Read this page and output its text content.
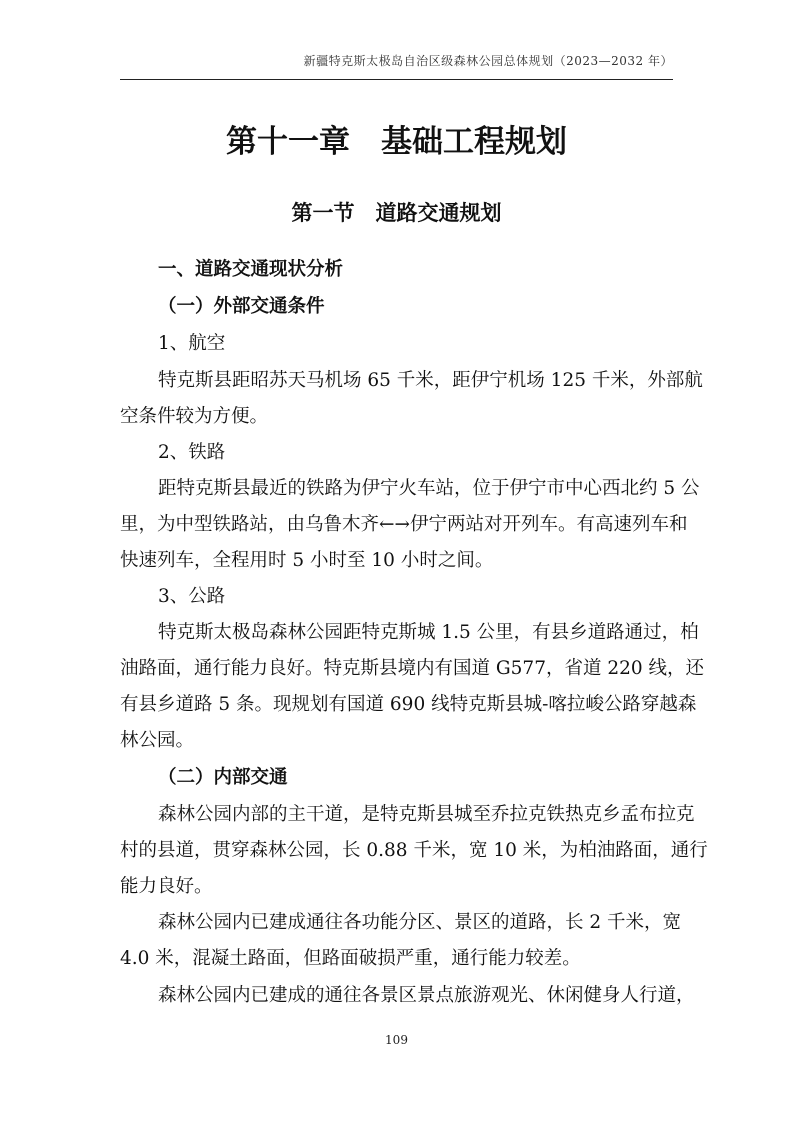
新疆特克斯太极岛自治区级森林公园总体规划（2023—2032 年）
第十一章　基础工程规划
第一节　道路交通规划
一、道路交通现状分析
（一）外部交通条件
1、航空
特克斯县距昭苏天马机场 65 千米，距伊宁机场 125 千米，外部航
空条件较为方便。
2、铁路
距特克斯县最近的铁路为伊宁火车站，位于伊宁市中心西北约 5 公
里，为中型铁路站，由乌鲁木齐←→伊宁两站对开列车。有高速列车和
快速列车，全程用时 5 小时至 10 小时之间。
3、公路
特克斯太极岛森林公园距特克斯城 1.5 公里，有县乡道路通过，柏
油路面，通行能力良好。特克斯县境内有国道 G577，省道 220 线，还
有县乡道路 5 条。现规划有国道 690 线特克斯县城-喀拉峻公路穿越森
林公园。
（二）内部交通
森林公园内部的主干道，是特克斯县城至乔拉克铁热克乡孟布拉克
村的县道，贯穿森林公园，长 0.88 千米，宽 10 米，为柏油路面，通行
能力良好。
森林公园内已建成通往各功能分区、景区的道路，长 2 千米，宽
4.0 米，混凝土路面，但路面破损严重，通行能力较差。
森林公园内已建成的通往各景区景点旅游观光、休闲健身人行道，
109
